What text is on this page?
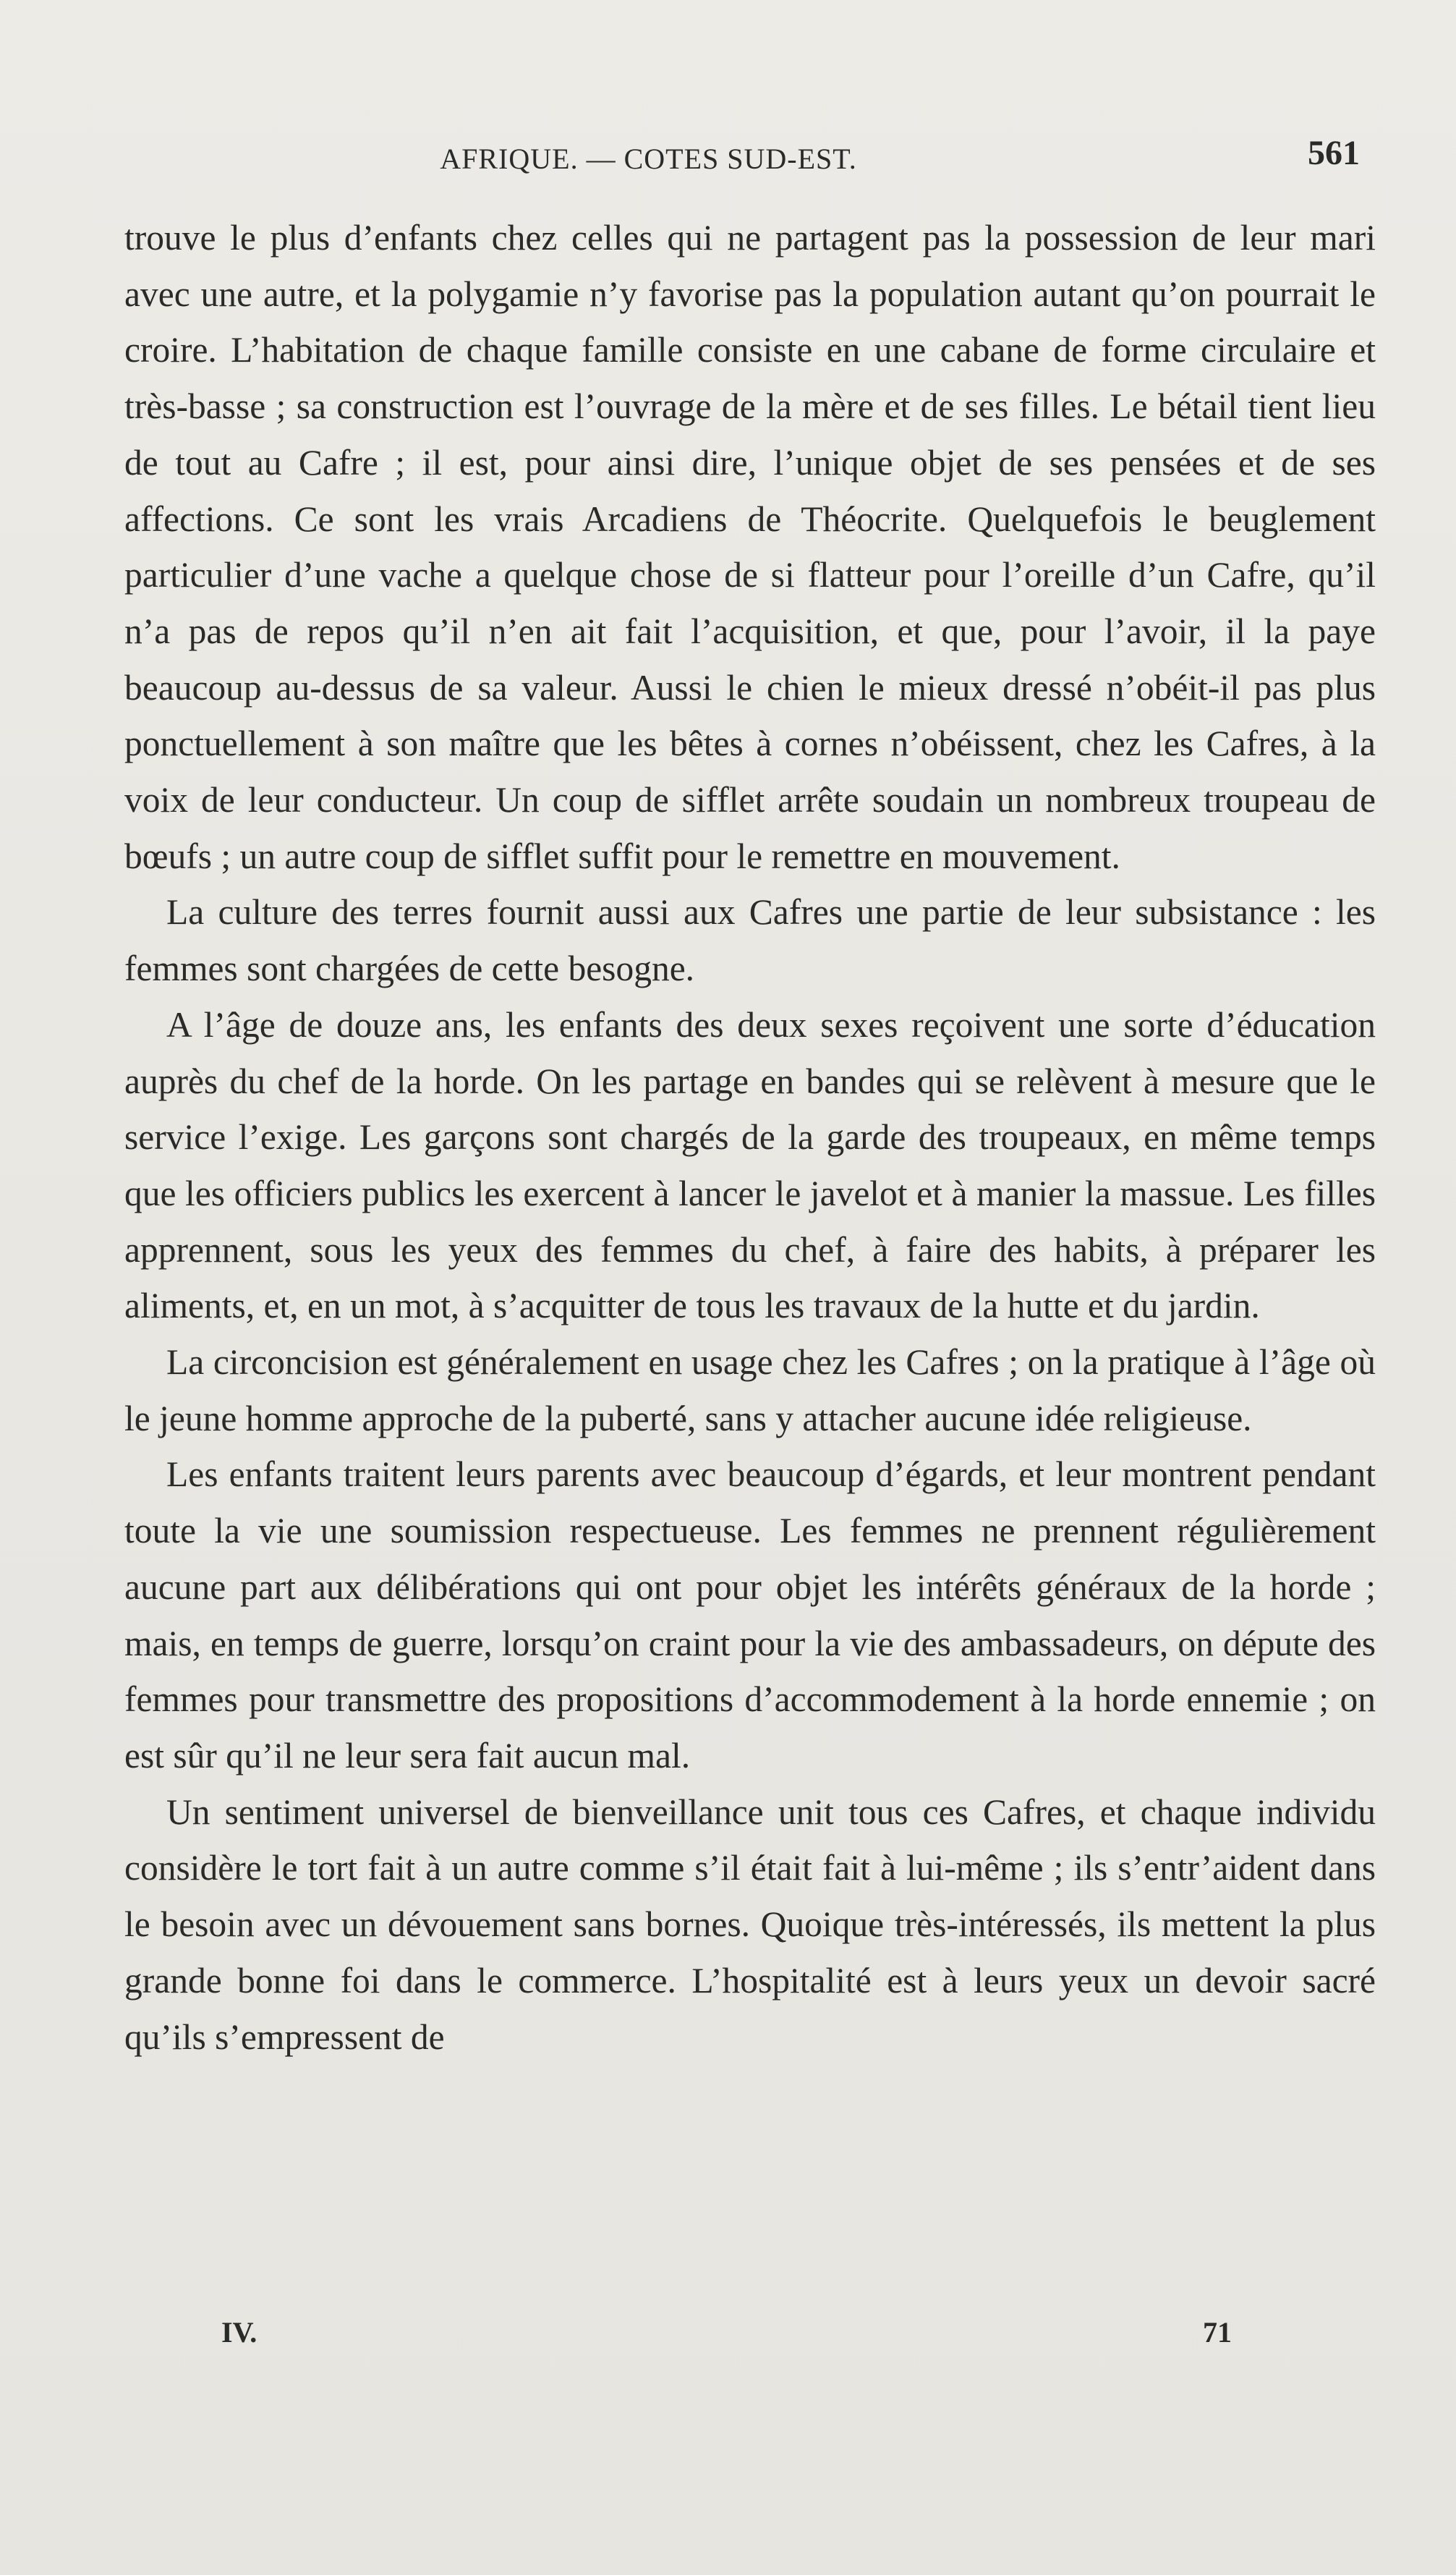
AFRIQUE. — COTES SUD-EST.	561

trouve le plus d’enfants chez celles qui ne partagent pas la possession de leur mari avec une autre, et la polygamie n’y favorise pas la population autant qu’on pourrait le croire. L’habitation de chaque famille consiste en une cabane de forme circulaire et très-basse ; sa construction est l’ouvrage de la mère et de ses filles. Le bétail tient lieu de tout au Cafre ; il est, pour ainsi dire, l’unique objet de ses pensées et de ses affections. Ce sont les vrais Arcadiens de Théocrite. Quelquefois le beuglement particulier d’une vache a quelque chose de si flatteur pour l’oreille d’un Cafre, qu’il n’a pas de repos qu’il n’en ait fait l’acquisition, et que, pour l’avoir, il la paye beaucoup au-dessus de sa valeur. Aussi le chien le mieux dressé n’obéit-il pas plus ponctuellement à son maître que les bêtes à cornes n’obéissent, chez les Cafres, à la voix de leur conducteur. Un coup de sifflet arrête soudain un nombreux troupeau de bœufs ; un autre coup de sifflet suffit pour le remettre en mouvement.

La culture des terres fournit aussi aux Cafres une partie de leur subsistance : les femmes sont chargées de cette besogne.

A l’âge de douze ans, les enfants des deux sexes reçoivent une sorte d’éducation auprès du chef de la horde. On les partage en bandes qui se relèvent à mesure que le service l’exige. Les garçons sont chargés de la garde des troupeaux, en même temps que les officiers publics les exercent à lancer le javelot et à manier la massue. Les filles apprennent, sous les yeux des femmes du chef, à faire des habits, à préparer les aliments, et, en un mot, à s’acquitter de tous les travaux de la hutte et du jardin.

La circoncision est généralement en usage chez les Cafres ; on la pratique à l’âge où le jeune homme approche de la puberté, sans y attacher aucune idée religieuse.

Les enfants traitent leurs parents avec beaucoup d’égards, et leur montrent pendant toute la vie une soumission respectueuse. Les femmes ne prennent régulièrement aucune part aux délibérations qui ont pour objet les intérêts généraux de la horde ; mais, en temps de guerre, lorsqu’on craint pour la vie des ambassadeurs, on députe des femmes pour transmettre des propositions d’accommodement à la horde ennemie ; on est sûr qu’il ne leur sera fait aucun mal.

Un sentiment universel de bienveillance unit tous ces Cafres, et chaque individu considère le tort fait à un autre comme s’il était fait à lui-même ; ils s’entr’aident dans le besoin avec un dévouement sans bornes. Quoique très-intéressés, ils mettent la plus grande bonne foi dans le commerce. L’hospitalité est à leurs yeux un devoir sacré qu’ils s’empressent de

IV.	71
